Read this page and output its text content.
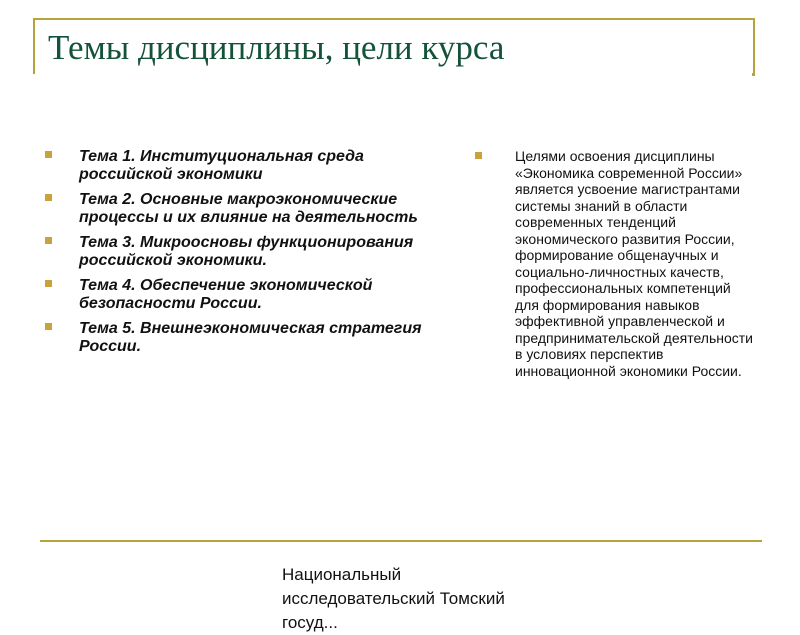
Темы дисциплины, цели курса
Тема 1. Институциональная среда российской экономики
Тема 2. Основные макроэкономические процессы и их влияние на деятельность
Тема 3. Микроосновы функционирования российской экономики.
Тема 4. Обеспечение экономической безопасности России.
Тема 5. Внешнеэкономическая стратегия России.

Целями освоения дисциплины «Экономика современной России» является усвоение магистрантами системы знаний в области современных тенденций экономического развития России, формирование общенаучных и социально-личностных качеств, профессиональных компетенций для формирования навыков эффективной управленческой и предпринимательской деятельности в условиях перспектив инновационной экономики России.

Национальный исследовательский Томский госуд...
